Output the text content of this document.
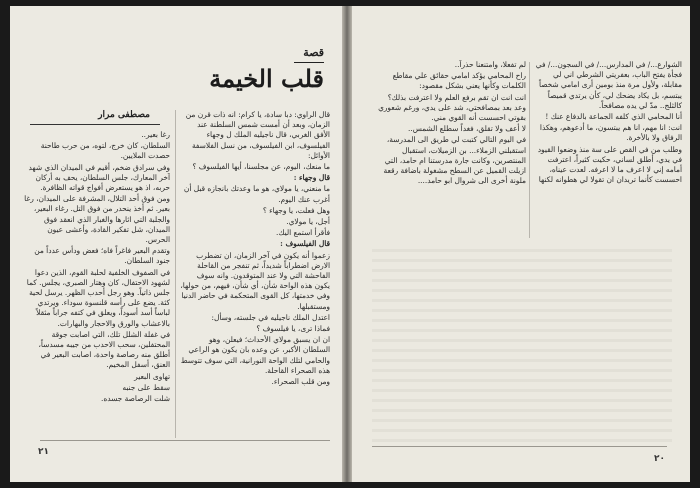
قصة
قلب الخيمة
مصطفى مرار	قال الراوي: دبا سادة، يا كرام: انه ذات قرن من الزمان، وبعد أن أمست شمس السلطنة عند الأفق الغربي، قال ناجيليه الملك ل وجهاء الفيلسوف، ابن الفيلسوف، من نسل الفلاسفة الأوائل:

ما منعك، اليوم، عن مجلسنا، أيها الفيلسوف ؟

قال وجهاء :

ما منعني، يا مولاي، هو ما وعدتك بانجازه قبل أن أغرب عنك اليوم.

وهل فعلت، يا وجهاء ؟

أجل، يا مولاي.

فأقرأ استمع اليك.

قال الفيلسوف :

زعموا أنه يكون في آخر الزمان، ان تضطرب الارض اضطراباً شديداً، ثم تنفجر من القاحلة الفاحشة التي ولا عند المتوقدون. وانه سوف يكون هذه الواحة شأن، أي شأن، فيهم، من حولها، وفي خدمتها، كل القوى المتحكمة في حاضر الدنيا ومستقبلها.

اعتدل الملك ناجيليه في جلسته، وسأل:

فماذا ترى، يا فيلسوف ؟

ان ان يسبق مولاي الأحداث؛ فيعلن، وهو السلطان الأكبر، عن وعده بان يكون هو الراعي والحامي لتلك الواحة النورانية، التي سوف تتوسط هذه الصحراء القاحلة.

ومن قلب الصحراء.

رغا بعير..

السلطان، كان خرج، لتوه، من حرب طاحنة حصدت الملايين.

وفي سرادق ضخم، أقيم في الميدان الذي شهد آخر المعارك، جلس السلطان، يحف به أركان حربه، اذ هو يستعرض أفواج قواته الظافرة.

ومن فوق أحد التلال، المشرفة على الميدان، رغا بعير. ثم أخذ ينحدر من فوق التل. رغاء البعير، والجلبة التي اثارها والغبار الذي انعقد فوق الميدان، شل تفكير القادة، وأعشى عيون الحرس.

وتقدم البعير فاغراً فاه؛ فعض ودأس عدداً من جنود السلطان.

في الصفوف الخلفية لحلبة القوم، الذين دعوا لشهود الاحتفال، كان وهتار الصبري، يجلس. كما جلس ذاتياً. وهو رجل أحدب الظهر. يرسل لحية كثة. يضع على رأسه قلنسوة سوداء. ويرتدي لباساً أسد أسوداً، ويعلق في كتفه جراباً مثقلاً بالاعشاب والورق والاحجار والبهارات.

في غفلة الشلل تلك، التي اصابت جوقة المحتفلين، سحب الاحدب من جيبه مسدساً، أطلق منه رصاصة واحدة، اصابت البعير في العنق، أسفل المخيم.

تهاوى البعير

سقط على جنبه

شلت الرصاصة جسده.

٢١

الشوارع.../ في المدارس.../ في السجون.../ في فجأة يفتح الباب، بعفريتي الشرطي اني لي مقابلة، ولأول مرة منذ بومين أرى امامي شخصاً يبتسم، بل يكاد يضحك لي، كأن يرتدي قميصاً كالثلج.. مدّ لي يده مصافحاً.

أنا المحامي الذي كلفه الجماعة بالدفاع عنك !

انت: انا مهم، انا هم يبتسون، ما أدعوهم، وهكذا الرفاق ولا بالأخرة.

وطلب من في القص على سة منذ وضعوا القيود في يدي، أطلق لساني، حكيت كثيراً، اعترفت أمامه إني لا اعرف ما لا اعرفه. لعدت عيناه، احسست كأنما تريدان ان تقولا لي هطوانه لكنها

لم تفعلا، وامتنعنا حذراً..

راح المحامي يؤكد امامي حقائق علي مقاطع الكلمات وكأنها يعني بشكل مقصود:

انت انت ان تقم برفع العلم ولا اعترفت بذلك؟ وعد بعد بمصافحتي، شد على يدي، ورغم شعوري بقوتي احسست أنه القوي مني.

لا أعف ولا تقلق، فغداً سطلع الشمس..

في اليوم التالي كتبت لي طريق الى المدرسة، استقبلني الزملاء... بن الزميلات، استقبال المنتصرين، وكانت جارة مدرستنا ام حامد، التي ازيلت القميل عن السطح مشغولة باضافة رقعة ملونة أخرى الى شروال ابو حامد....

٢٠
